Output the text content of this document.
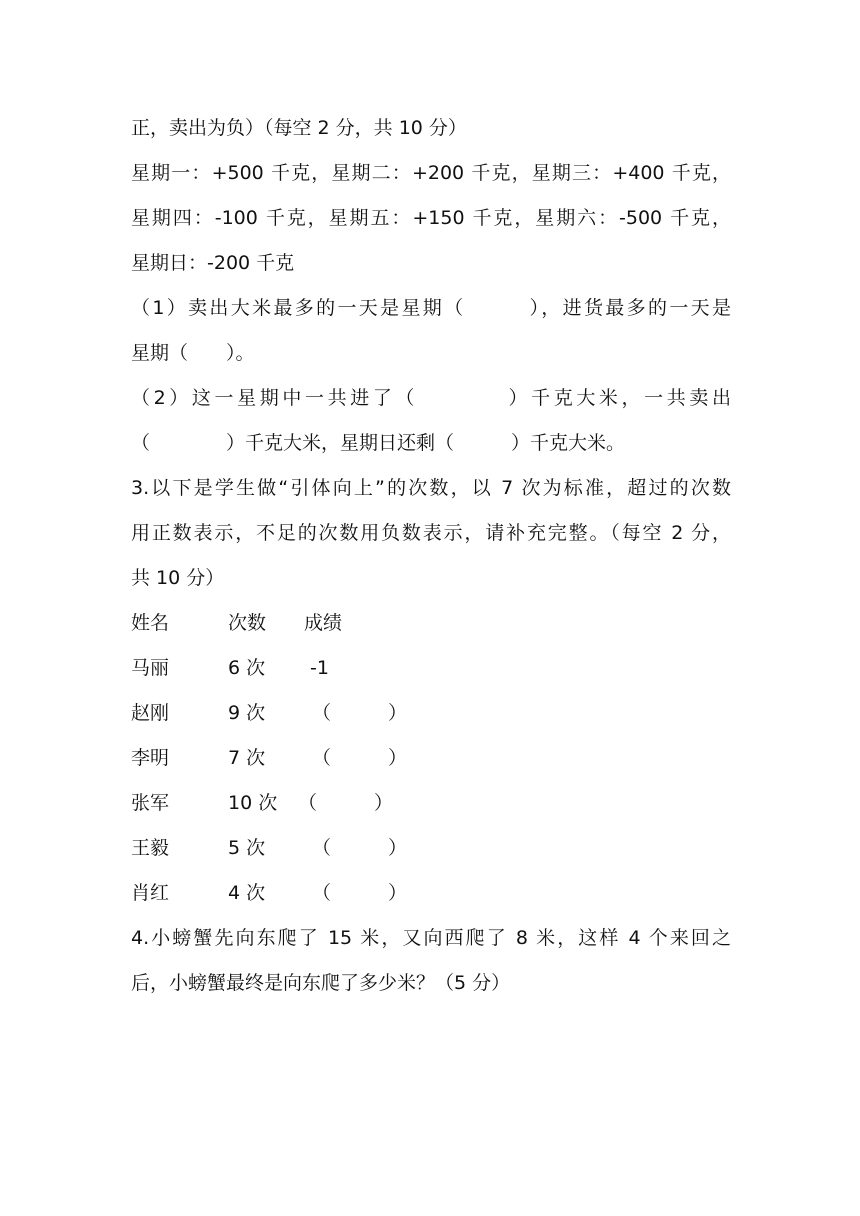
正，卖出为负）（每空 2 分，共 10 分）
星期一：+500 千克，星期二：+200 千克，星期三：+400 千克，
星期四：-100 千克，星期五：+150 千克，星期六：-500 千克，
星期日：-200 千克
（1）卖出大米最多的一天是星期（　　　），进货最多的一天是
星期（　　）。
（2）这一星期中一共进了（　　　　）千克大米，一共卖出
（　　　　）千克大米，星期日还剩（　　　）千克大米。
3.以下是学生做“引体向上”的次数，以 7 次为标准，超过的次数
用正数表示，不足的次数用负数表示，请补充完整。（每空 2 分，
共 10 分）
姓名	次数 成绩
马丽	6 次 -1
赵刚	9 次 （　　　）
李明	7 次 （　　　）
张军	10 次 （　　　）
王毅	5 次 （　　　）
肖红	4 次 （　　　）
4.小螃蟹先向东爬了 15 米，又向西爬了 8 米，这样 4 个来回之
后，小螃蟹最终是向东爬了多少米？（5 分）
